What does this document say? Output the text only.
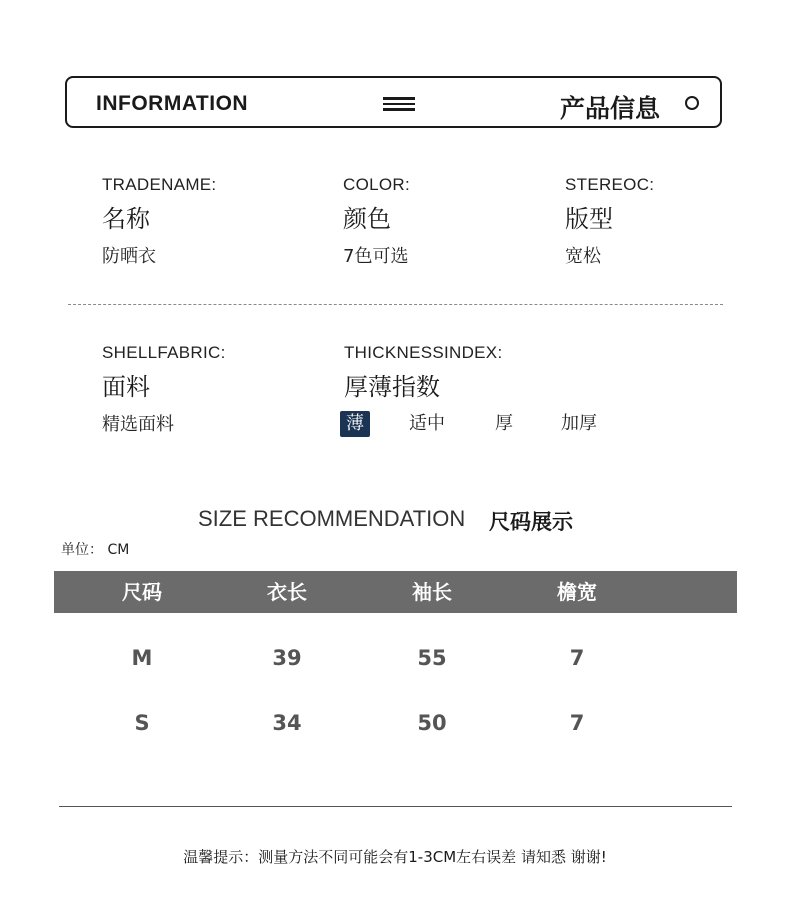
INFORMATION	产品信息
TRADENAME:
名称
防晒衣
COLOR:
颜色
7色可选
STEREOC:
版型
宽松
SHELLFABRIC:
面料
精选面料
THICKNESSINDEX:
厚薄指数
薄	适中	厚	加厚
SIZE RECOMMENDATION 尺码展示
单位： CM
尺码	衣长	袖长	檐宽
M	39	55	7
S	34	50	7
温馨提示：测量方法不同可能会有1-3CM左右误差 请知悉 谢谢!
